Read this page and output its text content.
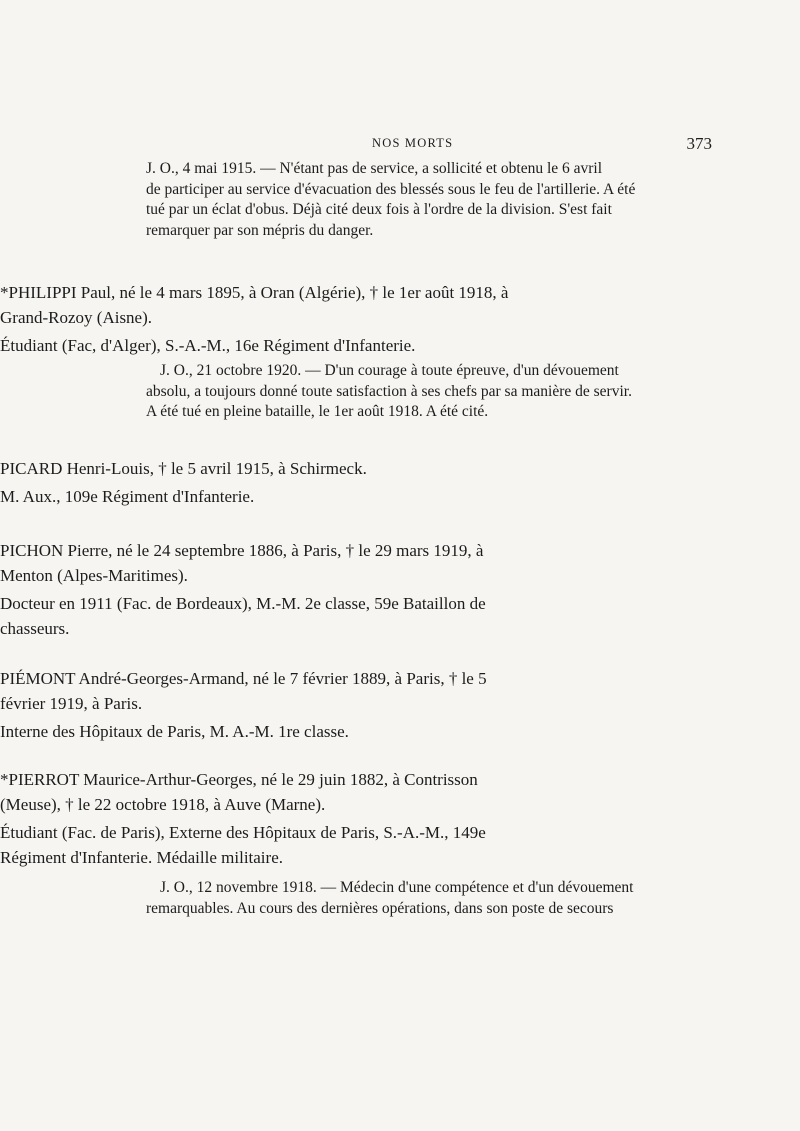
NOS MORTS	373
J. O., 4 mai 1915. — N'étant pas de service, a sollicité et obtenu le 6 avril
de participer au service d'évacuation des blessés sous le feu de l'artillerie. A été
tué par un éclat d'obus. Déjà cité deux fois à l'ordre de la division. S'est fait
remarquer par son mépris du danger.
*PHILIPPI Paul, né le 4 mars 1895, à Oran (Algérie), † le 1er août 1918, à
Grand-Rozoy (Aisne).
Étudiant (Fac, d'Alger), S.-A.-M., 16e Régiment d'Infanterie.
J. O., 21 octobre 1920. — D'un courage à toute épreuve, d'un dévouement
absolu, a toujours donné toute satisfaction à ses chefs par sa manière de servir.
A été tué en pleine bataille, le 1er août 1918. A été cité.
PICARD Henri-Louis, † le 5 avril 1915, à Schirmeck.
M. Aux., 109e Régiment d'Infanterie.
PICHON Pierre, né le 24 septembre 1886, à Paris, † le 29 mars 1919, à
Menton (Alpes-Maritimes).
Docteur en 1911 (Fac. de Bordeaux), M.-M. 2e classe, 59e Bataillon de
chasseurs.
PIÉMONT André-Georges-Armand, né le 7 février 1889, à Paris, † le 5
février 1919, à Paris.
Interne des Hôpitaux de Paris, M. A.-M. 1re classe.
*PIERROT Maurice-Arthur-Georges, né le 29 juin 1882, à Contrisson
(Meuse), † le 22 octobre 1918, à Auve (Marne).
Étudiant (Fac. de Paris), Externe des Hôpitaux de Paris, S.-A.-M., 149e
Régiment d'Infanterie. Médaille militaire.
J. O., 12 novembre 1918. — Médecin d'une compétence et d'un dévouement
remarquables. Au cours des dernières opérations, dans son poste de secours
